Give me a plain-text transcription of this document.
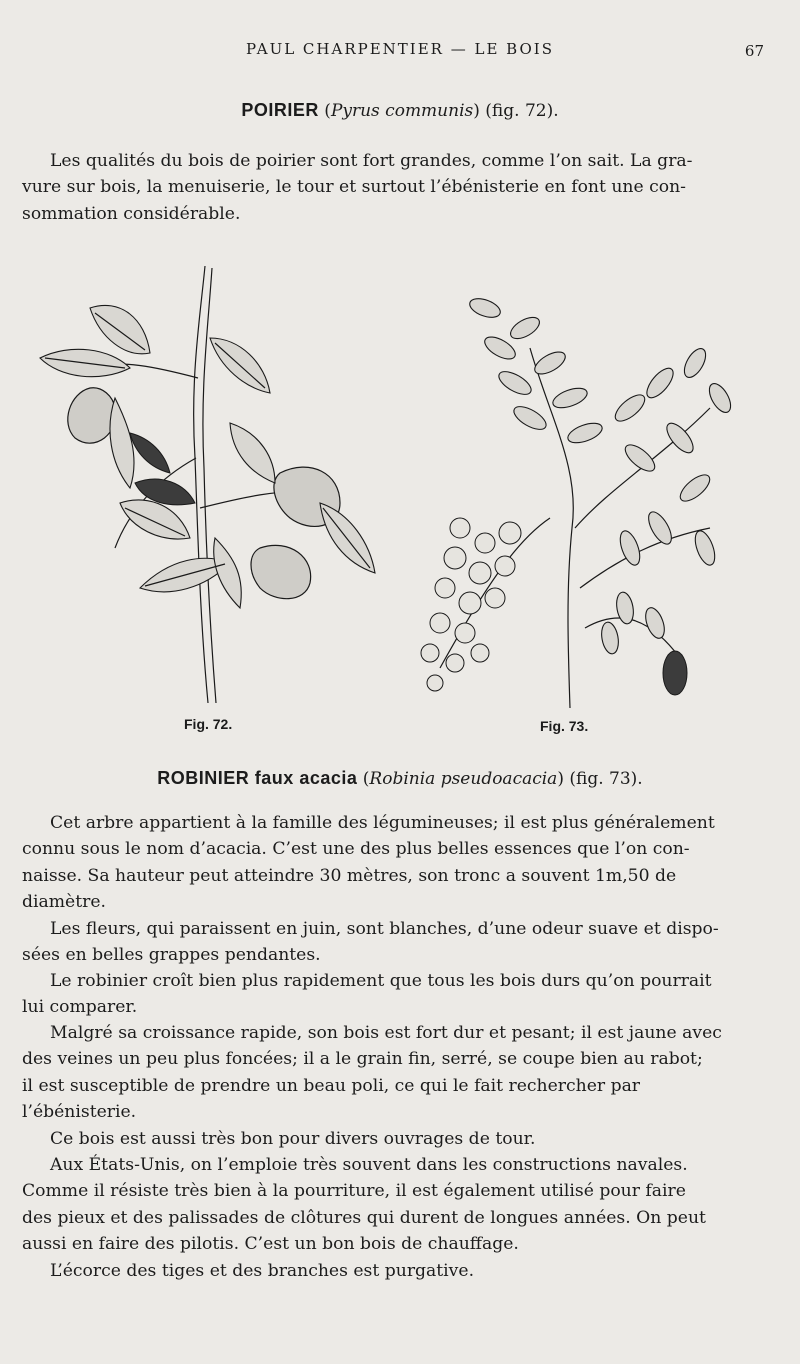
PAUL CHARPENTIER — LE BOIS	67
POIRIER (Pyrus communis) (fig. 72).
Les qualités du bois de poirier sont fort grandes, comme l’on sait. La gra-
vure sur bois, la menuiserie, le tour et surtout l’ébénisterie en font une con-
sommation considérable.
Fig. 72.	Fig. 73.
ROBINIER faux acacia (Robinia pseudoacacia) (fig. 73).
Cet arbre appartient à la famille des légumineuses; il est plus généralement
connu sous le nom d’acacia. C’est une des plus belles essences que l’on con-
naisse. Sa hauteur peut atteindre 30 mètres, son tronc a souvent 1m,50 de
diamètre.
Les fleurs, qui paraissent en juin, sont blanches, d’une odeur suave et dispo-
sées en belles grappes pendantes.
Le robinier croît bien plus rapidement que tous les bois durs qu’on pourrait
lui comparer.
Malgré sa croissance rapide, son bois est fort dur et pesant; il est jaune avec
des veines un peu plus foncées; il a le grain fin, serré, se coupe bien au rabot;
il est susceptible de prendre un beau poli, ce qui le fait rechercher par
l’ébénisterie.
Ce bois est aussi très bon pour divers ouvrages de tour.
Aux États-Unis, on l’emploie très souvent dans les constructions navales.
Comme il résiste très bien à la pourriture, il est également utilisé pour faire
des pieux et des palissades de clôtures qui durent de longues années. On peut
aussi en faire des pilotis. C’est un bon bois de chauffage.
L’écorce des tiges et des branches est purgative.
